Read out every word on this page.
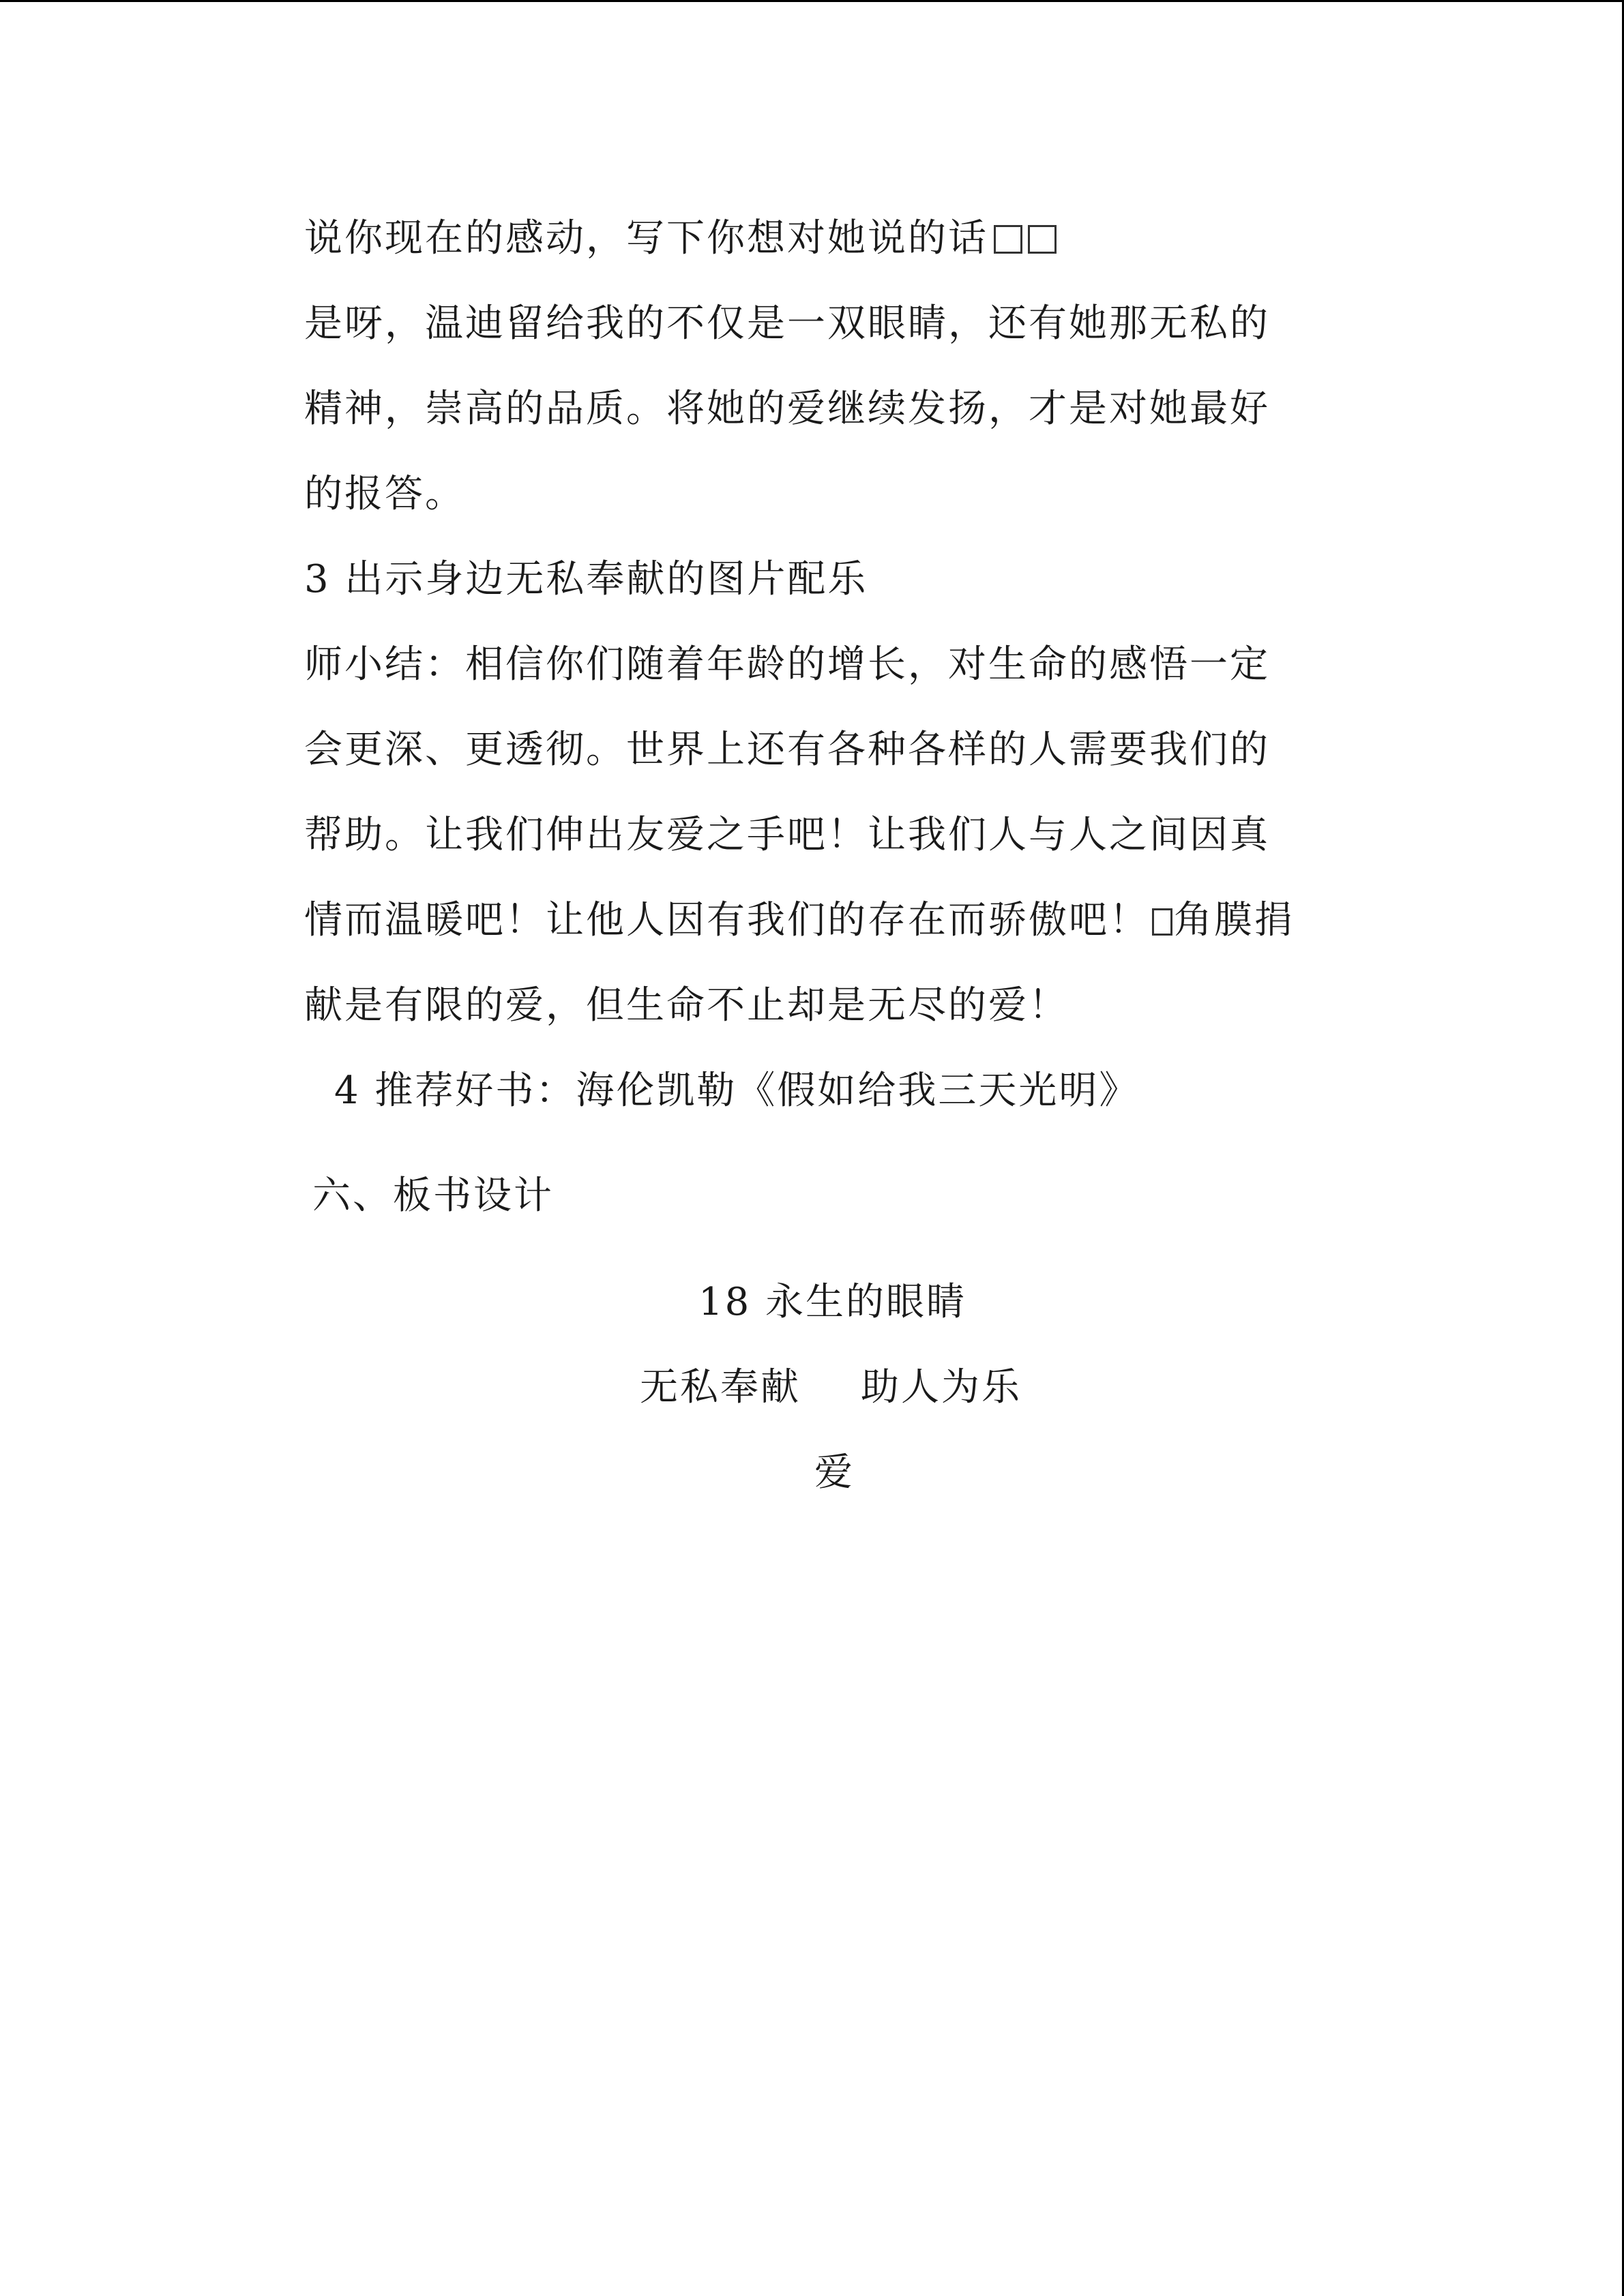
说你现在的感动，写下你想对她说的话
是呀，温迪留给我的不仅是一双眼睛，还有她那无私的
精神，崇高的品质。将她的爱继续发扬，才是对她最好
的报答。
3 出示身边无私奉献的图片配乐
师小结：相信你们随着年龄的增长，对生命的感悟一定
会更深、更透彻。世界上还有各种各样的人需要我们的
帮助。让我们伸出友爱之手吧！让我们人与人之间因真
情而温暖吧！让他人因有我们的存在而骄傲吧！ 角膜捐
献是有限的爱，但生命不止却是无尽的爱！
4 推荐好书：海伦凯勒《假如给我三天光明》
六、板书设计
18 永生的眼睛
无私奉献 助人为乐
爱
